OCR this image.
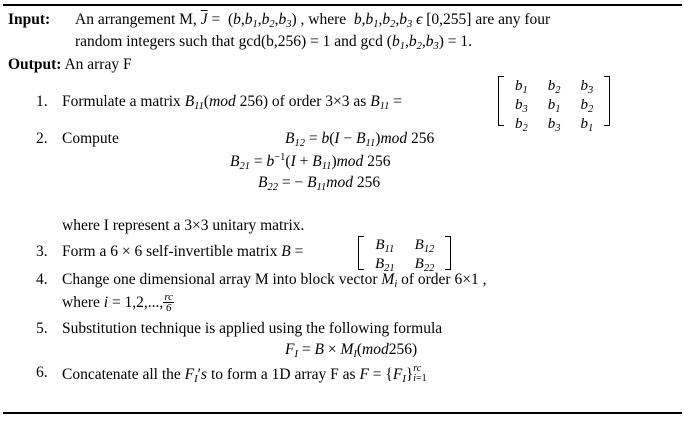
Input: An arrangement M, $\overline{J} = (b,b_1,b_2,b_3)$ , where  $b,b_1,b_2,b_3$ ϵ [0,255] are any four
random integers such that gcd(b,256) = 1 and $\gcd (b_1,b_2,b_3) = 1$.
Output: An array F
1. Formulate a matrix $B_{11}(mod$ 256) of order 3×3 as $B_{11}$ =
$b_1$	$b_2$	$b_3$
$b_3$	$b_1$	$b_2$
$b_2$	$b_3$	$b_1$
2. Compute	$B_{12} = b(I - B_{11})mod$ 256
$B_{21} = b^{-1}(I + B_{11})mod$ 256
$B_{22}$ = − $B_{11}mod$ 256
where I represent a 3×3 unitary matrix.
3. Form a 6 × 6 self-invertible matrix B =	$B_{11}$	$B_{12}$
$B_{21}$	$B_{22}$
4. Change one dimensional array M into block vector $M_i$ of order 6×1 ,
where i = 1,2,..., $\frac{rc}{6}$
5. Substitution technique is applied using the following formula
$F_I = B \times M_I(mod256)$
6. Concatenate all the $F_I's$ to form a 1D array F as $F = \{F_I\}$ rc
i=1
